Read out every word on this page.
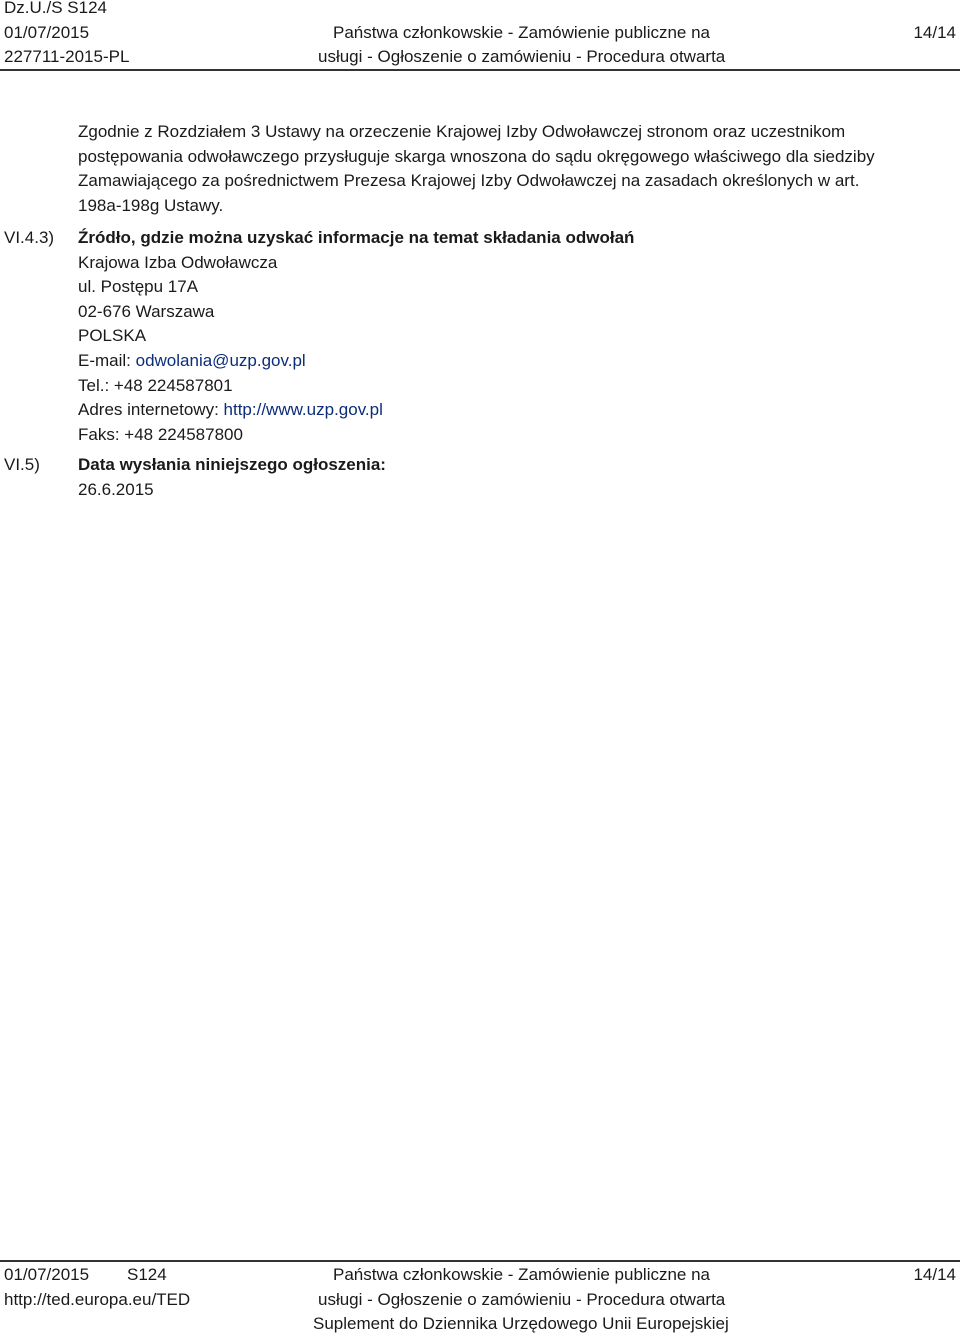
Dz.U./S S124
01/07/2015
227711-2015-PL
Państwa członkowskie - Zamówienie publiczne na
usługi - Ogłoszenie o zamówieniu - Procedura otwarta
14/14
Zgodnie z Rozdziałem 3 Ustawy na orzeczenie Krajowej Izby Odwoławczej stronom oraz uczestnikom
postępowania odwoławczego przysługuje skarga wnoszona do sądu okręgowego właściwego dla siedziby
Zamawiającego za pośrednictwem Prezesa Krajowej Izby Odwoławczej na zasadach określonych w art.
198a-198g Ustawy.
VI.4.3) Źródło, gdzie można uzyskać informacje na temat składania odwołań
Krajowa Izba Odwoławcza
ul. Postępu 17A
02-676 Warszawa
POLSKA
E-mail: odwolania@uzp.gov.pl
Tel.: +48 224587801
Adres internetowy: http://www.uzp.gov.pl
Faks: +48 224587800
VI.5) Data wysłania niniejszego ogłoszenia:
26.6.2015
01/07/2015 S124
http://ted.europa.eu/TED
Państwa członkowskie - Zamówienie publiczne na
usługi - Ogłoszenie o zamówieniu - Procedura otwarta
Suplement do Dziennika Urzędowego Unii Europejskiej
14/14
